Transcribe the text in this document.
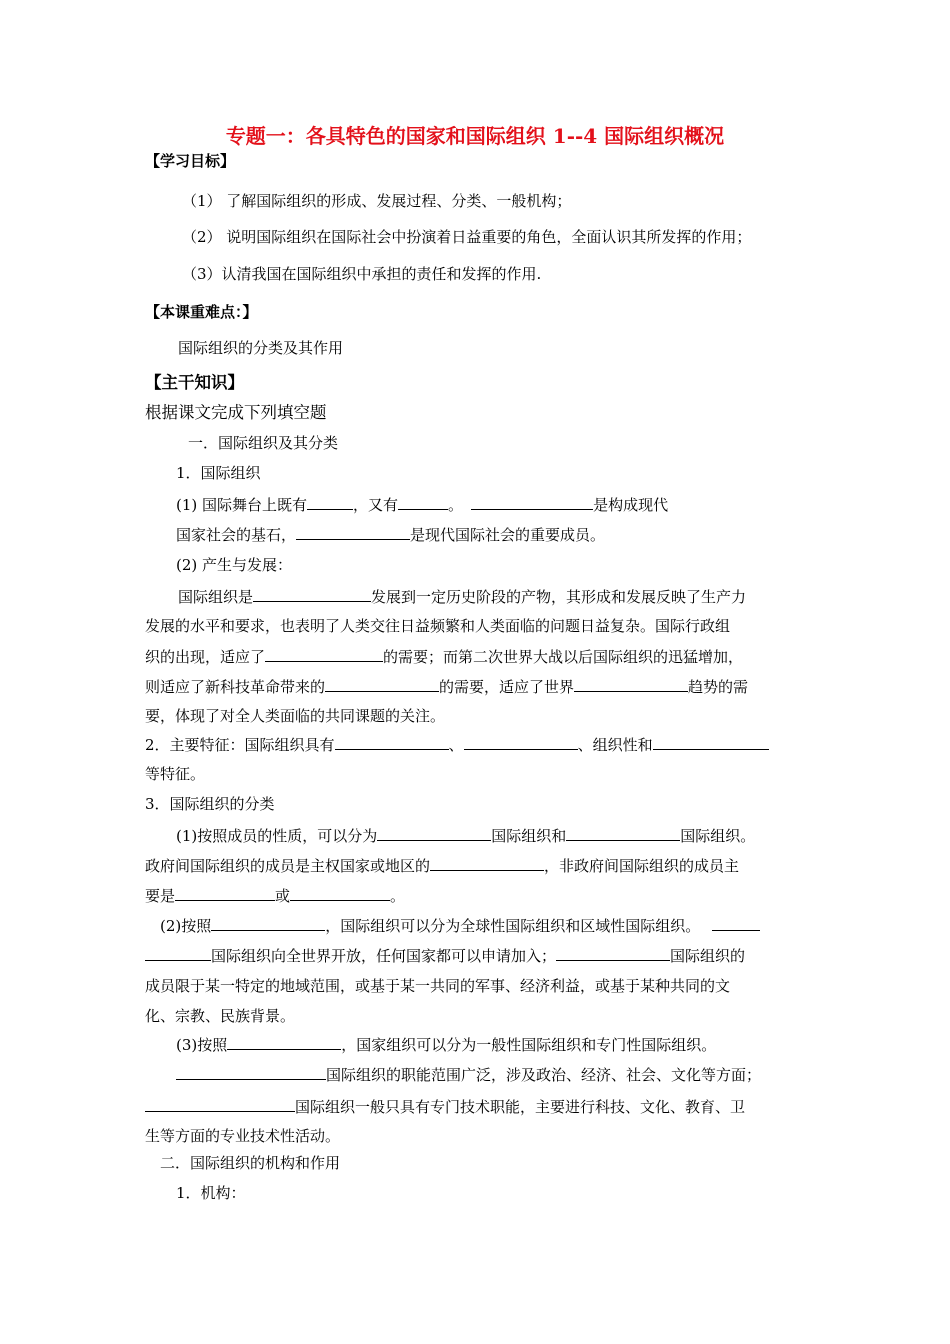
专题一：各具特色的国家和国际组织 1--4 国际组织概况
【学习目标】
（1） 了解国际组织的形成、发展过程、分类、一般机构；
（2） 说明国际组织在国际社会中扮演着日益重要的角色，全面认识其所发挥的作用；
（3）认清我国在国际组织中承担的责任和发挥的作用.
【本课重难点：】
国际组织的分类及其作用
【主干知识】
根据课文完成下列填空题
一．国际组织及其分类
1．国际组织
(1) 国际舞台上既有	，又有	。	是构成现代
国家社会的基石，	是现代国际社会的重要成员。
(2) 产生与发展：
国际组织是	发展到一定历史阶段的产物，其形成和发展反映了生产力
发展的水平和要求，也表明了人类交往日益频繁和人类面临的问题日益复杂。国际行政组
织的出现，适应了	的需要；而第二次世界大战以后国际组织的迅猛增加，
则适应了新科技革命带来的	的需要，适应了世界	趋势的需
要，体现了对全人类面临的共同课题的关注。
2．主要特征：国际组织具有	、	、组织性和
等特征。
3．国际组织的分类
(1)按照成员的性质，可以分为	国际组织和	国际组织。
政府间国际组织的成员是主权国家或地区的	，非政府间国际组织的成员主
要是	或	。
(2)按照	，国际组织可以分为全球性国际组织和区域性国际组织。
国际组织向全世界开放，任何国家都可以申请加入；	国际组织的
成员限于某一特定的地域范围，或基于某一共同的军事、经济利益，或基于某种共同的文
化、宗教、民族背景。
(3)按照	，国家组织可以分为一般性国际组织和专门性国际组织。
国际组织的职能范围广泛，涉及政治、经济、社会、文化等方面；
国际组织一般只具有专门技术职能，主要进行科技、文化、教育、卫
生等方面的专业技术性活动。
二．国际组织的机构和作用
1．机构：
